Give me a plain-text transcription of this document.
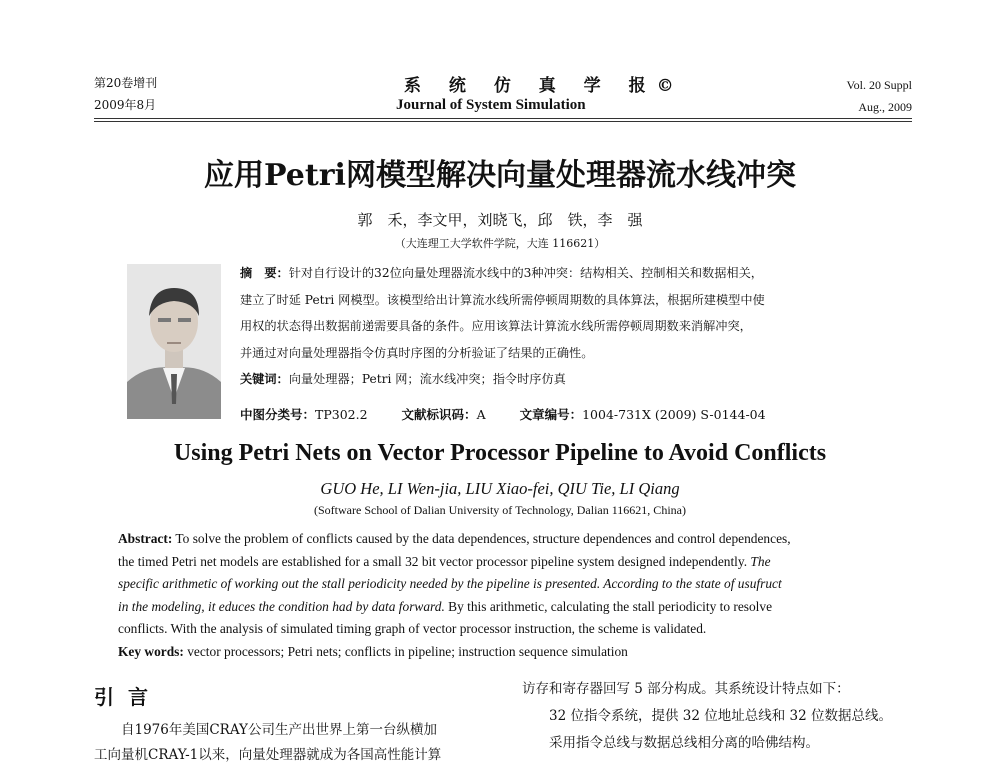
第20卷增刊
2009年8月
系 统 仿 真 学 报©
Journal of System Simulation
Vol. 20 Suppl
Aug., 2009
应用Petri网模型解决向量处理器流水线冲突
郭　禾，李文甲，刘晓飞，邱　铁，李　强
（大连理工大学软件学院，大连 116621）

摘　要：针对自行设计的32位向量处理器流水线中的3种冲突：结构相关、控制相关和数据相关，

建立了时延 Petri 网模型。该模型给出计算流水线所需停顿周期数的具体算法，根据所建模型中使

用权的状态得出数据前递需要具备的条件。应用该算法计算流水线所需停顿周期数来消解冲突，

并通过对向量处理器指令仿真时序图的分析验证了结果的正确性。

关键词：向量处理器；Petri 网；流水线冲突；指令时序仿真

中图分类号：TP302.2	文献标识码：A	文章编号：1004-731X (2009) S-0144-04
Using Petri Nets on Vector Processor Pipeline to Avoid Conflicts
GUO He, LI Wen-jia, LIU Xiao-fei, QIU Tie, LI Qiang
(Software School of Dalian University of Technology, Dalian 116621, China)

Abstract: To solve the problem of conflicts caused by the data dependences, structure dependences and control dependences,

the timed Petri net models are established for a small 32 bit vector processor pipeline system designed independently. The

specific arithmetic of working out the stall periodicity needed by the pipeline is presented. According to the state of usufruct

in the modeling, it educes the condition had by data forward. By this arithmetic, calculating the stall periodicity to resolve

conflicts. With the analysis of simulated timing graph of vector processor instruction, the scheme is validated.

Key words: vector processors; Petri nets; conflicts in pipeline; instruction sequence simulation

引言

自1976年美国CRAY公司生产出世界上第一台纵横加

工向量机CRAY-1以来，向量处理器就成为各国高性能计算

访存和寄存器回写 5 部分构成。其系统设计特点如下：

32 位指令系统，提供 32 位地址总线和 32 位数据总线。

采用指令总线与数据总线相分离的哈佛结构。
